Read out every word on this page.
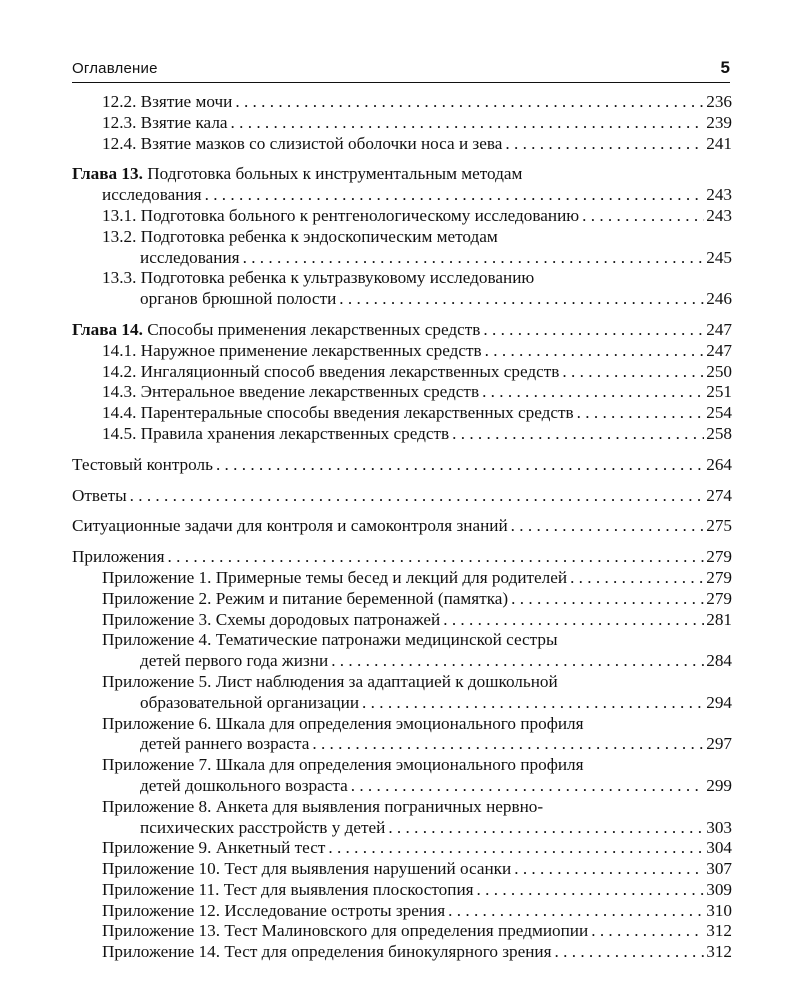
Оглавление	5
12.2. Взятие мочи . . .	236
12.3. Взятие кала . . .	239
12.4. Взятие мазков со слизистой оболочки носа и зева . . .	241
Глава 13. Подготовка больных к инструментальным методам
исследования . . .	243
13.1. Подготовка больного к рентгенологическому исследованию . . .	243
13.2. Подготовка ребенка к эндоскопическим методам
исследования . . .	245
13.3. Подготовка ребенка к ультразвуковому исследованию
органов брюшной полости . . .	246
Глава 14. Способы применения лекарственных средств . . .	247
14.1. Наружное применение лекарственных средств . . .	247
14.2. Ингаляционный способ введения лекарственных средств . . .	250
14.3. Энтеральное введение лекарственных средств . . .	251
14.4. Парентеральные способы введения лекарственных средств . . .	254
14.5. Правила хранения лекарственных средств . . .	258
Тестовый контроль . . .	264
Ответы . . .	274
Ситуационные задачи для контроля и самоконтроля знаний . . .	275
Приложения . . .	279
Приложение 1. Примерные темы бесед и лекций для родителей . . .	279
Приложение 2. Режим и питание беременной (памятка) . . .	279
Приложение 3. Схемы дородовых патронажей . . .	281
Приложение 4. Тематические патронажи медицинской сестры
детей первого года жизни . . .	284
Приложение 5. Лист наблюдения за адаптацией к дошкольной
образовательной организации . . .	294
Приложение 6. Шкала для определения эмоционального профиля
детей раннего возраста . . .	297
Приложение 7. Шкала для определения эмоционального профиля
детей дошкольного возраста . . .	299
Приложение 8. Анкета для выявления пограничных нервно-
психических расстройств у детей . . .	303
Приложение 9. Анкетный тест . . .	304
Приложение 10. Тест для выявления нарушений осанки . . .	307
Приложение 11. Тест для выявления плоскостопия . . .	309
Приложение 12. Исследование остроты зрения . . .	310
Приложение 13. Тест Малиновского для определения предмиопии . . .	312
Приложение 14. Тест для определения бинокулярного зрения . . .	312
